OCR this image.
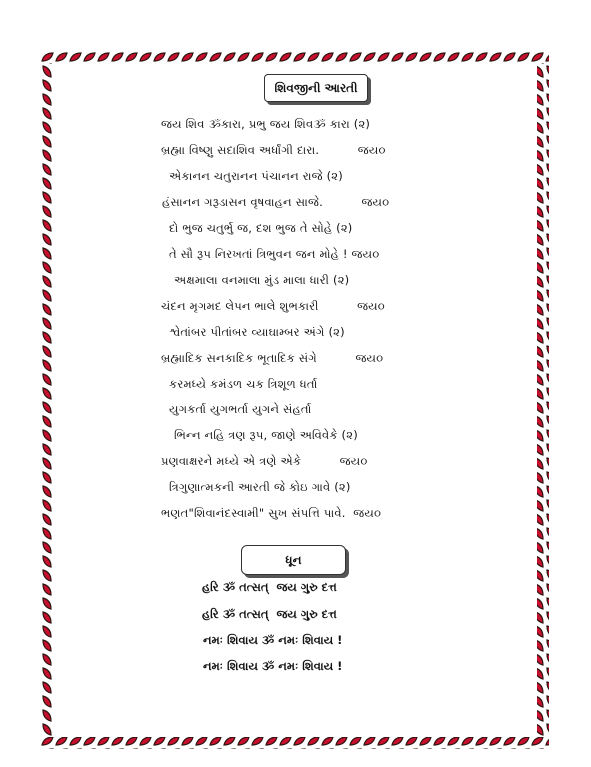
શિવજીની આરતી
જય શિવ ૐકારા, પ્રભુ જય શિવૐ કારા (૨)
બ્રહ્મા વિષ્ણુ સદાશિવ અર્ધાંગી દારા.          જય૦
એકાનન ચતુરાનન પંચાનન રાજે (૨)
હંસાનન ગરૂડાસન વૃષવાહન સાજે.          જય૦
દો ભુજ ચતુર્ભુ જ, દશ ભુજ તે સોહે (૨)
તે સૌ રૂપ નિરખતાં ત્રિભુવન જન મોહે ! જય૦
અક્ષમાલા વનમાલા મુંડ માલા ધારી (૨)
ચંદન મૃગમદ લેપન ભાલે શુભકારી          જય૦
શ્વેતાંબર પીતાંબર વ્યાઘામ્બર અંગે (૨)
બ્રહ્માદિક સનકાદિક ભૂતાદિક સંગે          જય૦
કરમધ્યે કમંડળ ચક ત્રિશૂળ ધર્તા
યુગકર્તા યુગભર્તા યુગને સંહર્તા
ભિન્ન નહિ ત્રણ રૂપ, જાણે અવિવેકે (૨)
પ્રણવાક્ષરને મધ્યે એ ત્રણે એકે          જય૦
ત્રિગુણાત્મકની આરતી જે કોઇ ગાવે (૨)
ભણત"શિવાનંદસ્વામી" સુખ સંપત્તિ પાવે.  જય૦
ધૂન
હરિ ૐ તત્સત્  જય ગુરુ દત્ત
હરિ ૐ તત્સત્  જય ગુરુ દત્ત
નમઃ શિવાય ૐ નમઃ શિવાય !
નમઃ શિવાય ૐ નમઃ શિવાય !
